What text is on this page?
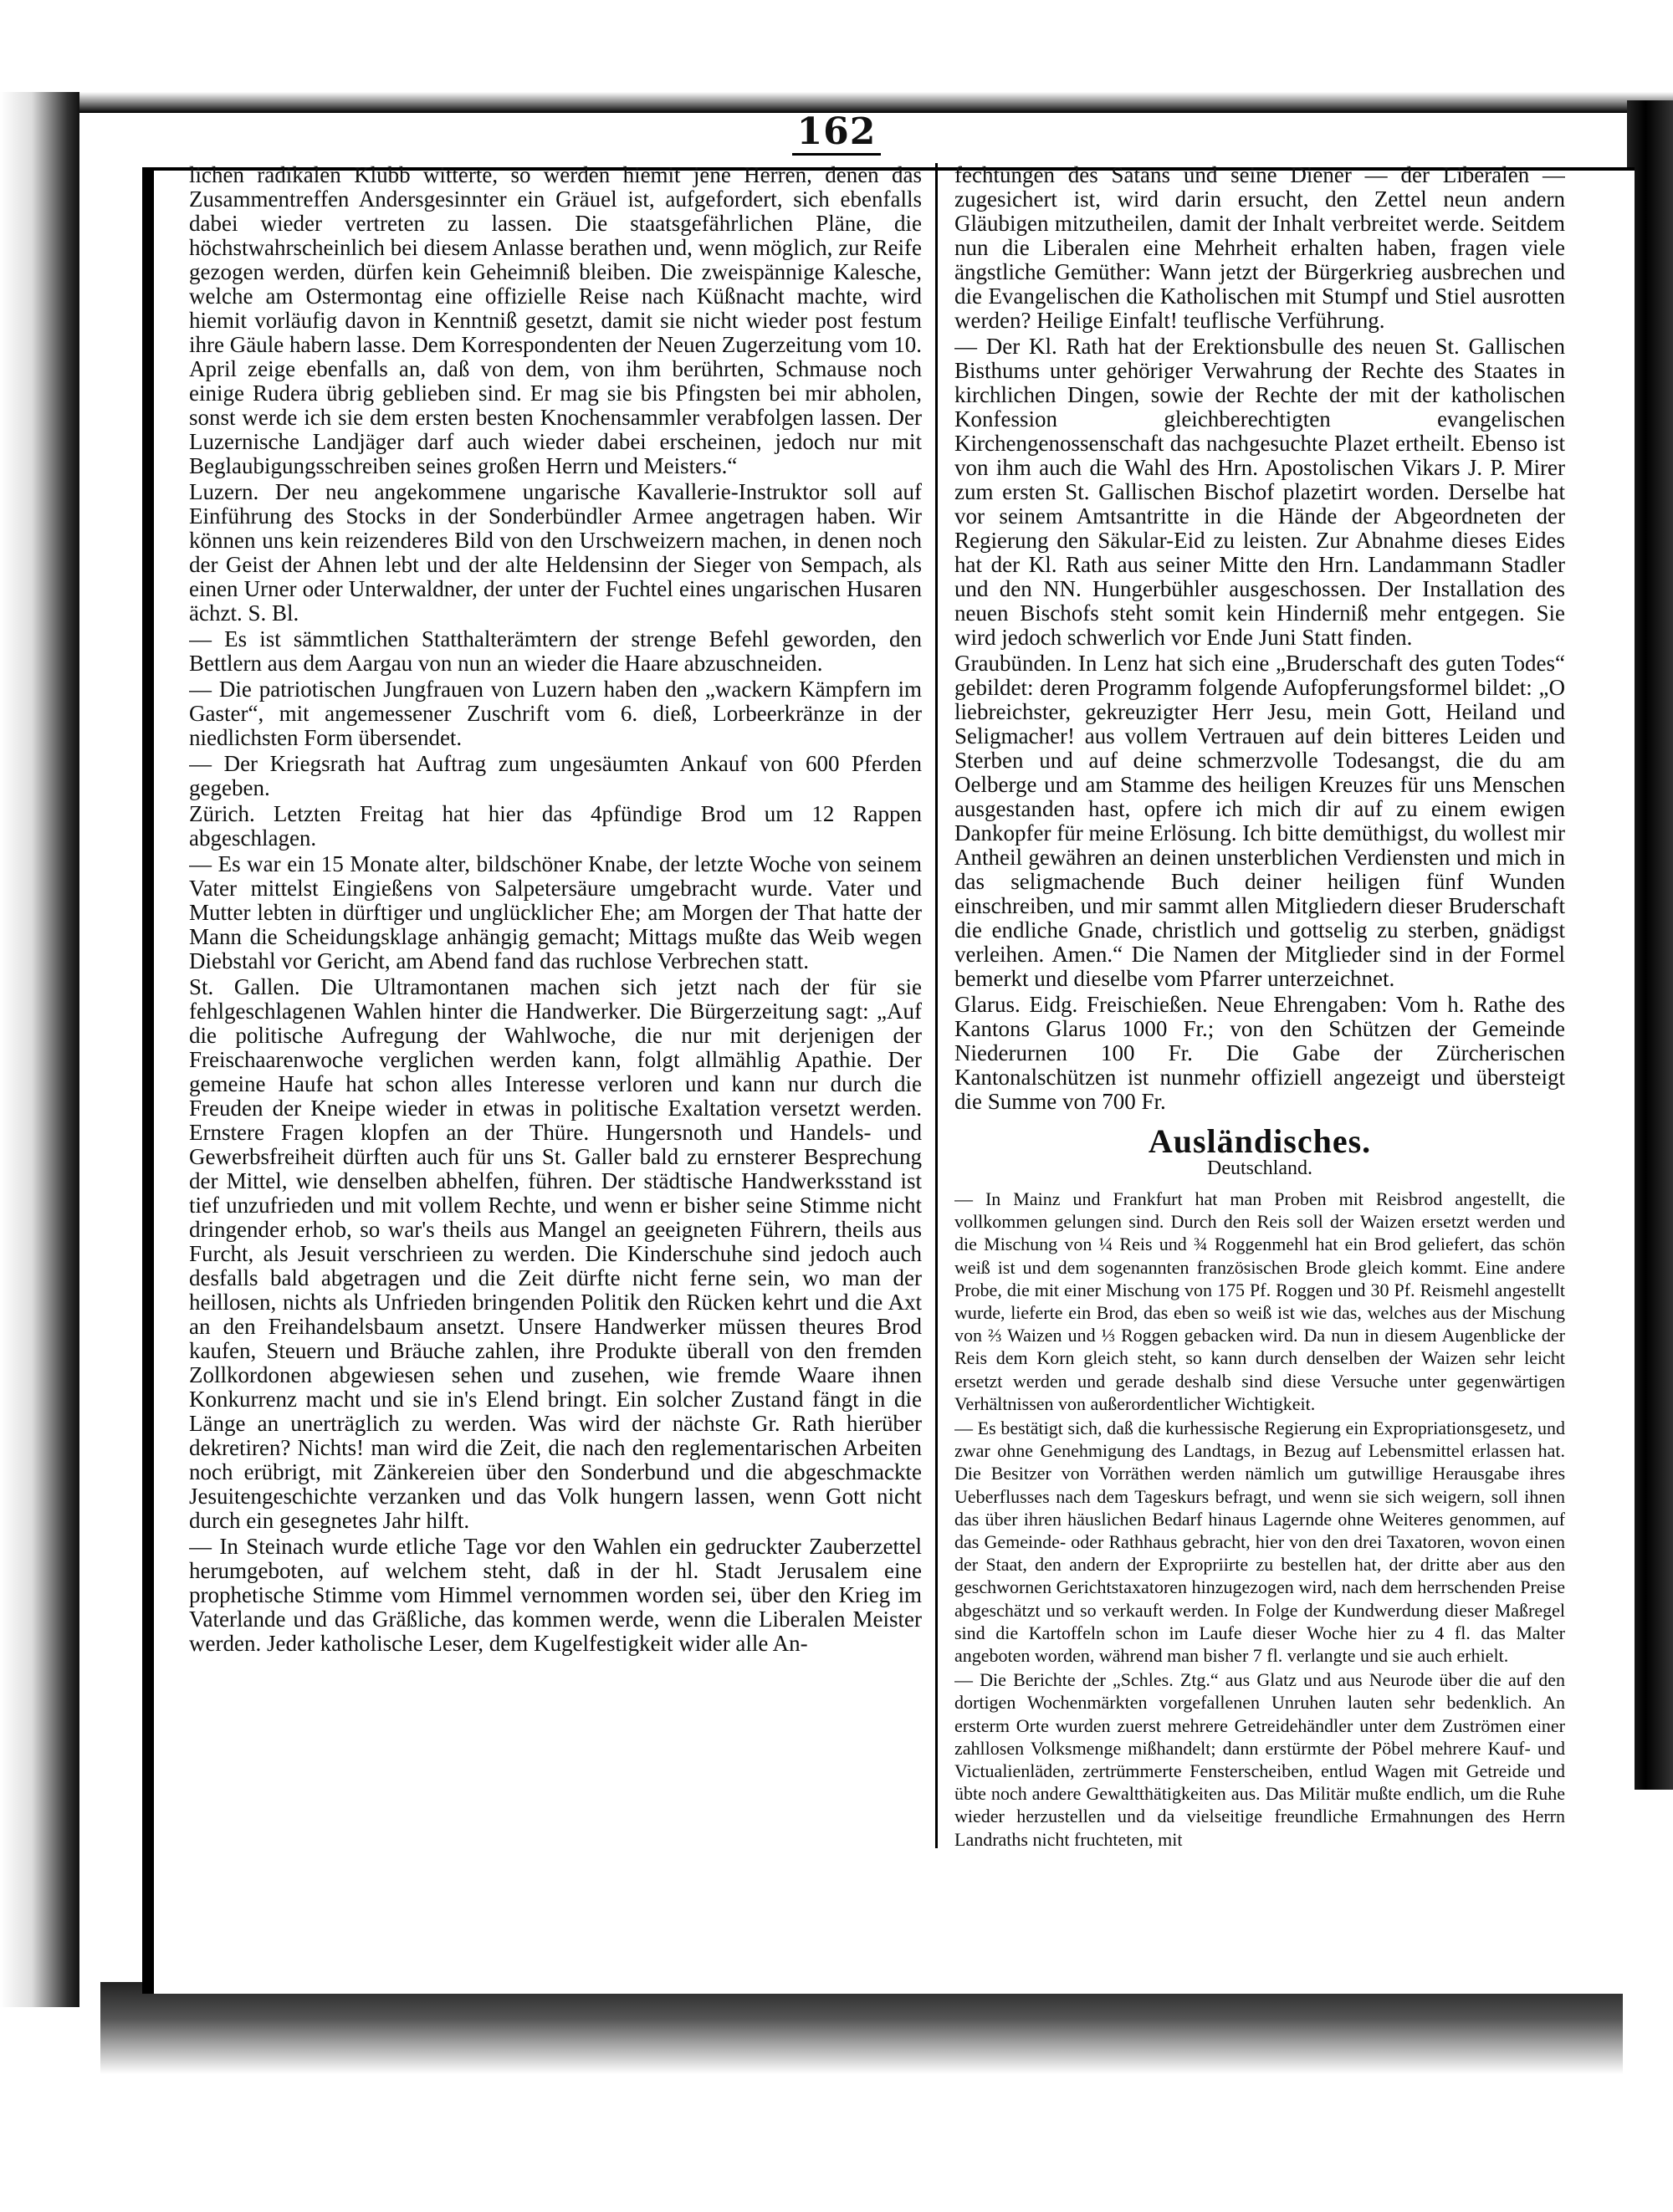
162

lichen radikalen Klubb witterte, so werden hiemit jene Herren, denen das Zusammentreffen Andersgesinnter ein Gräuel ist, aufgefordert, sich ebenfalls dabei wieder vertreten zu lassen. Die staatsgefährlichen Pläne, die höchstwahrscheinlich bei diesem Anlasse berathen und, wenn möglich, zur Reife gezogen werden, dürfen kein Geheimniß bleiben. Die zweispännige Kalesche, welche am Ostermontag eine offizielle Reise nach Küßnacht machte, wird hiemit vorläufig davon in Kenntniß gesetzt, damit sie nicht wieder post festum ihre Gäule habern lasse. Dem Korrespondenten der Neuen Zugerzeitung vom 10. April zeige ebenfalls an, daß von dem, von ihm berührten, Schmause noch einige Rudera übrig geblieben sind. Er mag sie bis Pfingsten bei mir abholen, sonst werde ich sie dem ersten besten Knochensammler verabfolgen lassen. Der Luzernische Landjäger darf auch wieder dabei erscheinen, jedoch nur mit Beglaubigungsschreiben seines großen Herrn und Meisters.“

Luzern. Der neu angekommene ungarische Kavallerie-Instruktor soll auf Einführung des Stocks in der Sonderbündler Armee angetragen haben. Wir können uns kein reizenderes Bild von den Urschweizern machen, in denen noch der Geist der Ahnen lebt und der alte Heldensinn der Sieger von Sempach, als einen Urner oder Unterwaldner, der unter der Fuchtel eines ungarischen Husaren ächzt. S. Bl.

— Es ist sämmtlichen Statthalterämtern der strenge Befehl geworden, den Bettlern aus dem Aargau von nun an wieder die Haare abzuschneiden.

— Die patriotischen Jungfrauen von Luzern haben den „wackern Kämpfern im Gaster“, mit angemessener Zuschrift vom 6. dieß, Lorbeerkränze in der niedlichsten Form übersendet.

— Der Kriegsrath hat Auftrag zum ungesäumten Ankauf von 600 Pferden gegeben.

Zürich. Letzten Freitag hat hier das 4pfündige Brod um 12 Rappen abgeschlagen.

— Es war ein 15 Monate alter, bildschöner Knabe, der letzte Woche von seinem Vater mittelst Eingießens von Salpetersäure umgebracht wurde. Vater und Mutter lebten in dürftiger und unglücklicher Ehe; am Morgen der That hatte der Mann die Scheidungsklage anhängig gemacht; Mittags mußte das Weib wegen Diebstahl vor Gericht, am Abend fand das ruchlose Verbrechen statt.

St. Gallen. Die Ultramontanen machen sich jetzt nach der für sie fehlgeschlagenen Wahlen hinter die Handwerker. Die Bürgerzeitung sagt: „Auf die politische Aufregung der Wahlwoche, die nur mit derjenigen der Freischaarenwoche verglichen werden kann, folgt allmählig Apathie. Der gemeine Haufe hat schon alles Interesse verloren und kann nur durch die Freuden der Kneipe wieder in etwas in politische Exaltation versetzt werden. Ernstere Fragen klopfen an der Thüre. Hungersnoth und Handels- und Gewerbsfreiheit dürften auch für uns St. Galler bald zu ernsterer Besprechung der Mittel, wie denselben abhelfen, führen. Der städtische Handwerksstand ist tief unzufrieden und mit vollem Rechte, und wenn er bisher seine Stimme nicht dringender erhob, so war's theils aus Mangel an geeigneten Führern, theils aus Furcht, als Jesuit verschrieen zu werden. Die Kinderschuhe sind jedoch auch desfalls bald abgetragen und die Zeit dürfte nicht ferne sein, wo man der heillosen, nichts als Unfrieden bringenden Politik den Rücken kehrt und die Axt an den Freihandelsbaum ansetzt. Unsere Handwerker müssen theures Brod kaufen, Steuern und Bräuche zahlen, ihre Produkte überall von den fremden Zollkordonen abgewiesen sehen und zusehen, wie fremde Waare ihnen Konkurrenz macht und sie in's Elend bringt. Ein solcher Zustand fängt in die Länge an unerträglich zu werden. Was wird der nächste Gr. Rath hierüber dekretiren? Nichts! man wird die Zeit, die nach den reglementarischen Arbeiten noch erübrigt, mit Zänkereien über den Sonderbund und die abgeschmackte Jesuitengeschichte verzanken und das Volk hungern lassen, wenn Gott nicht durch ein gesegnetes Jahr hilft.

— In Steinach wurde etliche Tage vor den Wahlen ein gedruckter Zauberzettel herumgeboten, auf welchem steht, daß in der hl. Stadt Jerusalem eine prophetische Stimme vom Himmel vernommen worden sei, über den Krieg im Vaterlande und das Gräßliche, das kommen werde, wenn die Liberalen Meister werden. Jeder katholische Leser, dem Kugelfestigkeit wider alle An-

fechtungen des Satans und seine Diener — der Liberalen — zugesichert ist, wird darin ersucht, den Zettel neun andern Gläubigen mitzutheilen, damit der Inhalt verbreitet werde. Seitdem nun die Liberalen eine Mehrheit erhalten haben, fragen viele ängstliche Gemüther: Wann jetzt der Bürgerkrieg ausbrechen und die Evangelischen die Katholischen mit Stumpf und Stiel ausrotten werden? Heilige Einfalt! teuflische Verführung.

— Der Kl. Rath hat der Erektionsbulle des neuen St. Gallischen Bisthums unter gehöriger Verwahrung der Rechte des Staates in kirchlichen Dingen, sowie der Rechte der mit der katholischen Konfession gleichberechtigten evangelischen Kirchengenossenschaft das nachgesuchte Plazet ertheilt. Ebenso ist von ihm auch die Wahl des Hrn. Apostolischen Vikars J. P. Mirer zum ersten St. Gallischen Bischof plazetirt worden. Derselbe hat vor seinem Amtsantritte in die Hände der Abgeordneten der Regierung den Säkular-Eid zu leisten. Zur Abnahme dieses Eides hat der Kl. Rath aus seiner Mitte den Hrn. Landammann Stadler und den NN. Hungerbühler ausgeschossen. Der Installation des neuen Bischofs steht somit kein Hinderniß mehr entgegen. Sie wird jedoch schwerlich vor Ende Juni Statt finden.

Graubünden. In Lenz hat sich eine „Bruderschaft des guten Todes“ gebildet: deren Programm folgende Aufopferungsformel bildet: „O liebreichster, gekreuzigter Herr Jesu, mein Gott, Heiland und Seligmacher! aus vollem Vertrauen auf dein bitteres Leiden und Sterben und auf deine schmerzvolle Todesangst, die du am Oelberge und am Stamme des heiligen Kreuzes für uns Menschen ausgestanden hast, opfere ich mich dir auf zu einem ewigen Dankopfer für meine Erlösung. Ich bitte demüthigst, du wollest mir Antheil gewähren an deinen unsterblichen Verdiensten und mich in das seligmachende Buch deiner heiligen fünf Wunden einschreiben, und mir sammt allen Mitgliedern dieser Bruderschaft die endliche Gnade, christlich und gottselig zu sterben, gnädigst verleihen. Amen.“ Die Namen der Mitglieder sind in der Formel bemerkt und dieselbe vom Pfarrer unterzeichnet.

Glarus. Eidg. Freischießen. Neue Ehrengaben: Vom h. Rathe des Kantons Glarus 1000 Fr.; von den Schützen der Gemeinde Niederurnen 100 Fr. Die Gabe der Zürcherischen Kantonalschützen ist nunmehr offiziell angezeigt und übersteigt die Summe von 700 Fr.

Ausländisches.
Deutschland.

— In Mainz und Frankfurt hat man Proben mit Reisbrod angestellt, die vollkommen gelungen sind. Durch den Reis soll der Waizen ersetzt werden und die Mischung von ¼ Reis und ¾ Roggenmehl hat ein Brod geliefert, das schön weiß ist und dem sogenannten französischen Brode gleich kommt. Eine andere Probe, die mit einer Mischung von 175 Pf. Roggen und 30 Pf. Reismehl angestellt wurde, lieferte ein Brod, das eben so weiß ist wie das, welches aus der Mischung von ⅔ Waizen und ⅓ Roggen gebacken wird. Da nun in diesem Augenblicke der Reis dem Korn gleich steht, so kann durch denselben der Waizen sehr leicht ersetzt werden und gerade deshalb sind diese Versuche unter gegenwärtigen Verhältnissen von außerordentlicher Wichtigkeit.

— Es bestätigt sich, daß die kurhessische Regierung ein Expropriationsgesetz, und zwar ohne Genehmigung des Landtags, in Bezug auf Lebensmittel erlassen hat. Die Besitzer von Vorräthen werden nämlich um gutwillige Herausgabe ihres Ueberflusses nach dem Tageskurs befragt, und wenn sie sich weigern, soll ihnen das über ihren häuslichen Bedarf hinaus Lagernde ohne Weiteres genommen, auf das Gemeinde- oder Rathhaus gebracht, hier von den drei Taxatoren, wovon einen der Staat, den andern der Expropriirte zu bestellen hat, der dritte aber aus den geschwornen Gerichtstaxatoren hinzugezogen wird, nach dem herrschenden Preise abgeschätzt und so verkauft werden. In Folge der Kundwerdung dieser Maßregel sind die Kartoffeln schon im Laufe dieser Woche hier zu 4 fl. das Malter angeboten worden, während man bisher 7 fl. verlangte und sie auch erhielt.

— Die Berichte der „Schles. Ztg.“ aus Glatz und aus Neurode über die auf den dortigen Wochenmärkten vorgefallenen Unruhen lauten sehr bedenklich. An ersterm Orte wurden zuerst mehrere Getreidehändler unter dem Zuströmen einer zahllosen Volksmenge mißhandelt; dann erstürmte der Pöbel mehrere Kauf- und Victualienläden, zertrümmerte Fensterscheiben, entlud Wagen mit Getreide und übte noch andere Gewaltthätigkeiten aus. Das Militär mußte endlich, um die Ruhe wieder herzustellen und da vielseitige freundliche Ermahnungen des Herrn Landraths nicht fruchteten, mit
